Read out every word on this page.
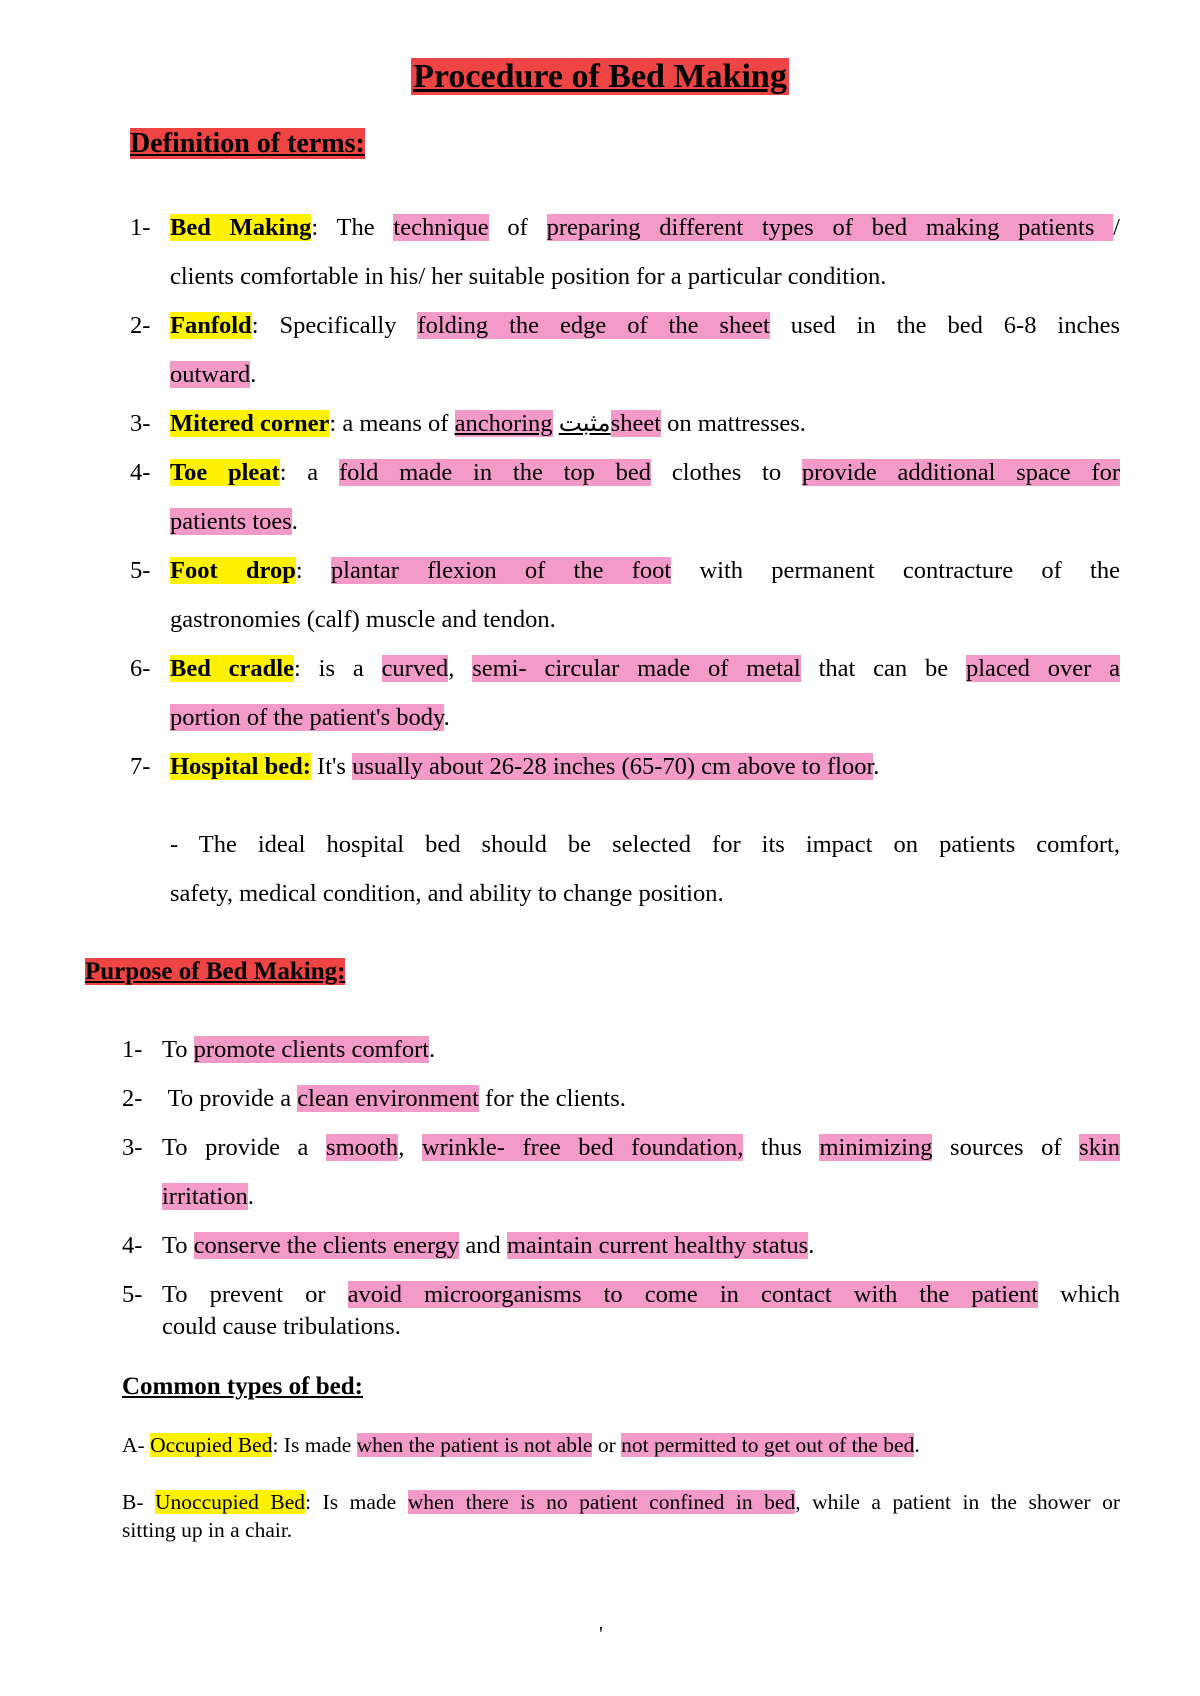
Procedure of Bed Making
Definition of terms:
1- Bed Making: The technique of preparing different types of bed making patients /
clients comfortable in his/ her suitable position for a particular condition.
2- Fanfold: Specifically folding the edge of the sheet used in the bed 6-8 inches
outward.
3- Mitered corner: a means of anchoring مثبتsheet on mattresses.
4- Toe pleat: a fold made in the top bed clothes to provide additional space for
patients toes.
5- Foot drop: plantar flexion of the foot with permanent contracture of the
gastronomies (calf) muscle and tendon.
6- Bed cradle: is a curved, semi- circular made of metal that can be placed over a
portion of the patient's body.
7- Hospital bed: It's usually about 26-28 inches (65-70) cm above to floor.
- The ideal hospital bed should be selected for its impact on patients comfort,
safety, medical condition, and ability to change position.
Purpose of Bed Making:
1- To promote clients comfort.
2- To provide a clean environment for the clients.
3- To provide a smooth, wrinkle- free bed foundation, thus minimizing sources of skin
irritation.
4- To conserve the clients energy and maintain current healthy status.
5- To prevent or avoid microorganisms to come in contact with the patient which
could cause tribulations.
Common types of bed:
A- Occupied Bed: Is made when the patient is not able or not permitted to get out of the bed.
B- Unoccupied Bed: Is made when there is no patient confined in bed, while a patient in the shower or
sitting up in a chair.
'
